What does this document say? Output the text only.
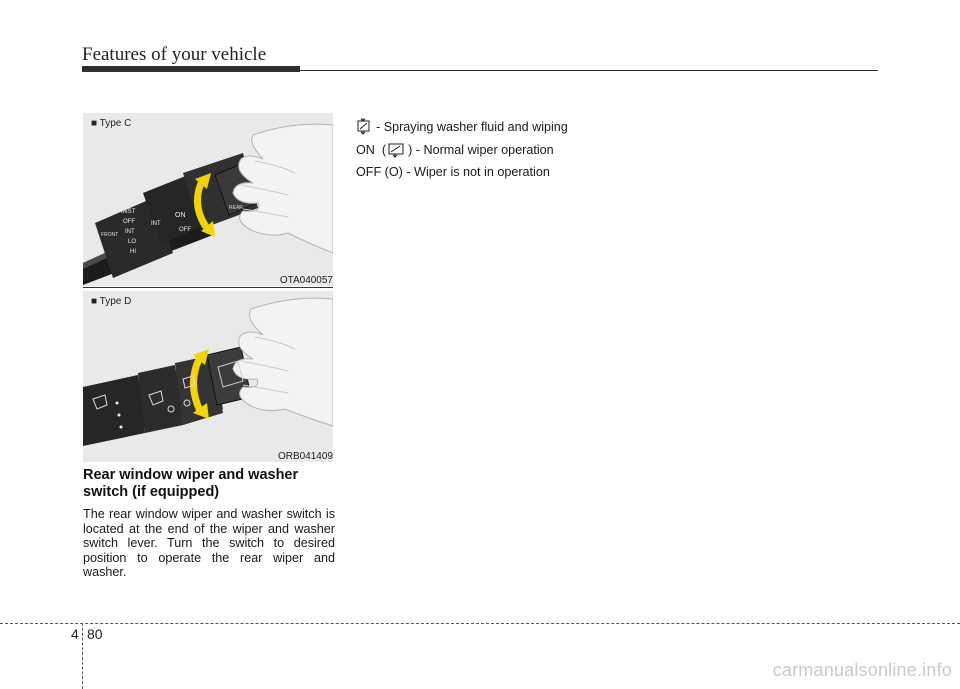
Features of your vehicle
FRONT
MIST
OFF
INT
LO
HI
INT
ON
OFF
REAR
■ Type C
OTA040057
■ Type D
ORB041409
Rear window wiper and washer switch (if equipped)
The rear window wiper and washer switch is located at the end of the wiper and washer switch lever. Turn the switch to desired position to operate the rear wiper and washer.
- Spraying washer fluid and wiping
ON  ( ) - Normal wiper operation
OFF (O) - Wiper is not in operation
4 80
carmanualsonline.info
